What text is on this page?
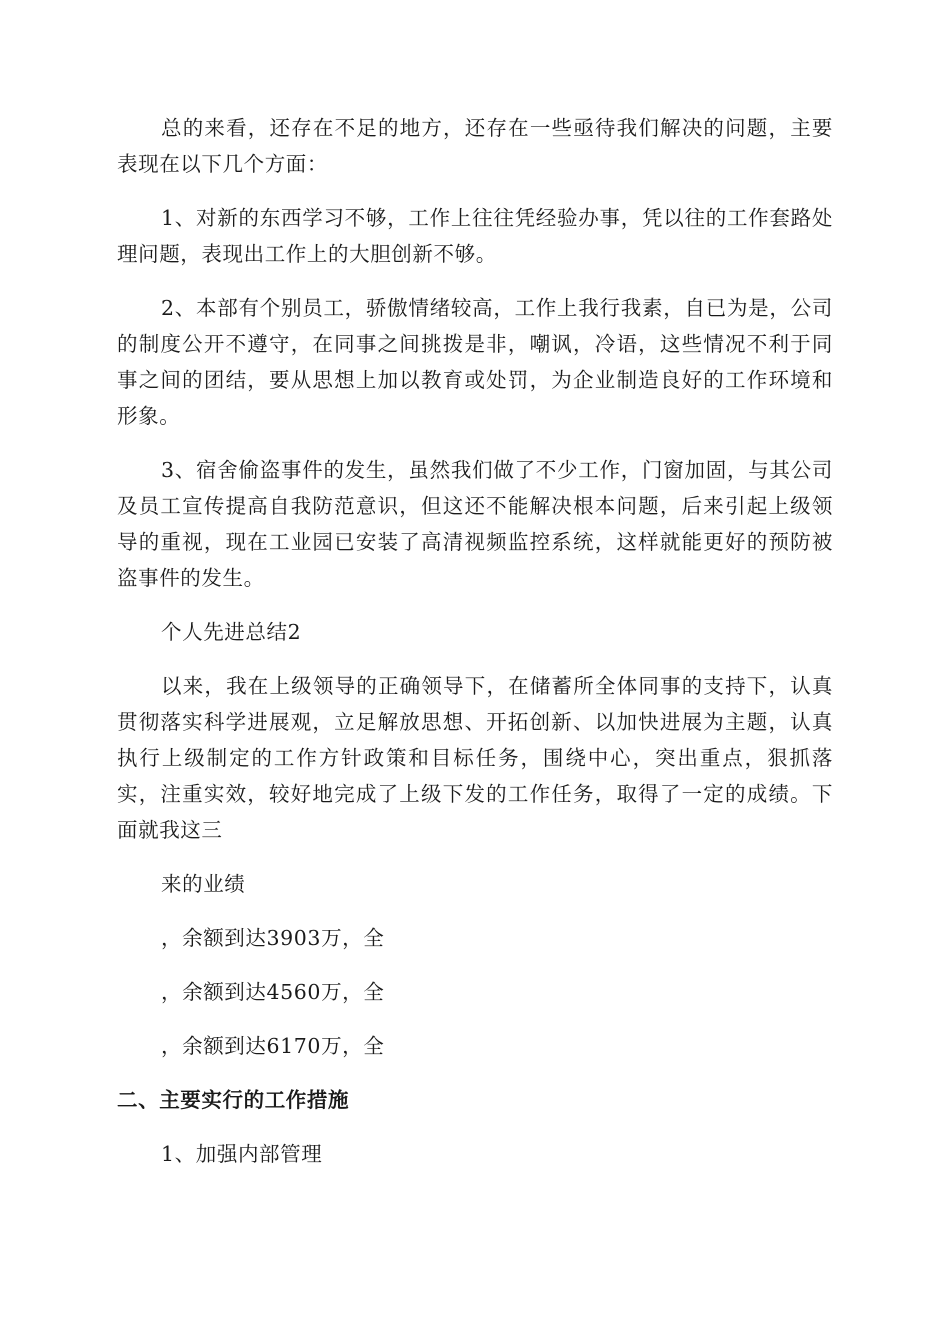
总的来看，还存在不足的地方，还存在一些亟待我们解决的问题，主要表现在以下几个方面：

1、对新的东西学习不够，工作上往往凭经验办事，凭以往的工作套路处理问题，表现出工作上的大胆创新不够。

2、本部有个别员工，骄傲情绪较高，工作上我行我素，自已为是，公司的制度公开不遵守，在同事之间挑拨是非，嘲讽，冷语，这些情况不利于同事之间的团结，要从思想上加以教育或处罚，为企业制造良好的工作环境和形象。

3、宿舍偷盗事件的发生，虽然我们做了不少工作，门窗加固，与其公司及员工宣传提高自我防范意识，但这还不能解决根本问题，后来引起上级领导的重视，现在工业园已安装了高清视频监控系统，这样就能更好的预防被盗事件的发生。

个人先进总结2

以来，我在上级领导的正确领导下，在储蓄所全体同事的支持下，认真贯彻落实科学进展观，立足解放思想、开拓创新、以加快进展为主题，认真执行上级制定的工作方针政策和目标任务，围绕中心，突出重点，狠抓落实，注重实效，较好地完成了上级下发的工作任务，取得了一定的成绩。下面就我这三

来的业绩

，余额到达3903万，全

，余额到达4560万，全

，余额到达6170万，全

二、主要实行的工作措施

1、加强内部管理
